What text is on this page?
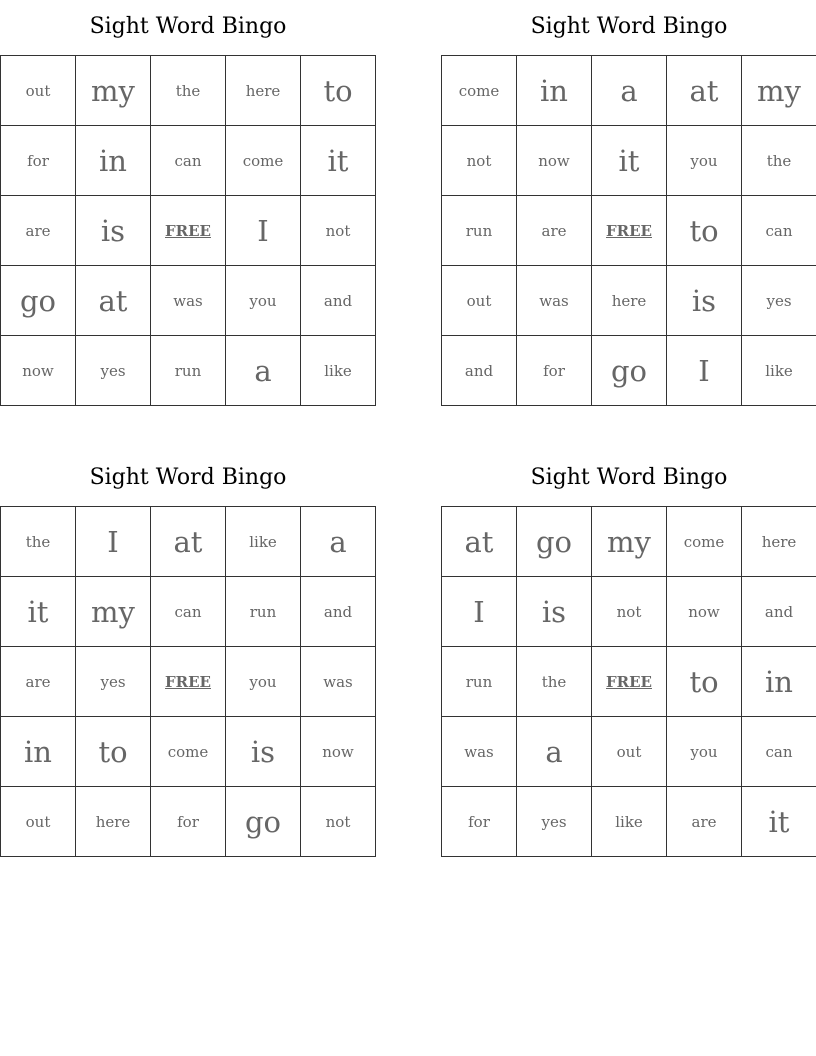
Sight Word Bingo
out	my	the	here	to
for	in	can	come	it
are	is	FREE	I	not
go	at	was	you	and
now	yes	run	a	like
Sight Word Bingo
come	in	a	at	my
not	now	it	you	the
run	are	FREE	to	can
out	was	here	is	yes
and	for	go	I	like
Sight Word Bingo
the	I	at	like	a
it	my	can	run	and
are	yes	FREE	you	was
in	to	come	is	now
out	here	for	go	not
Sight Word Bingo
at	go	my	come	here
I	is	not	now	and
run	the	FREE	to	in
was	a	out	you	can
for	yes	like	are	it
